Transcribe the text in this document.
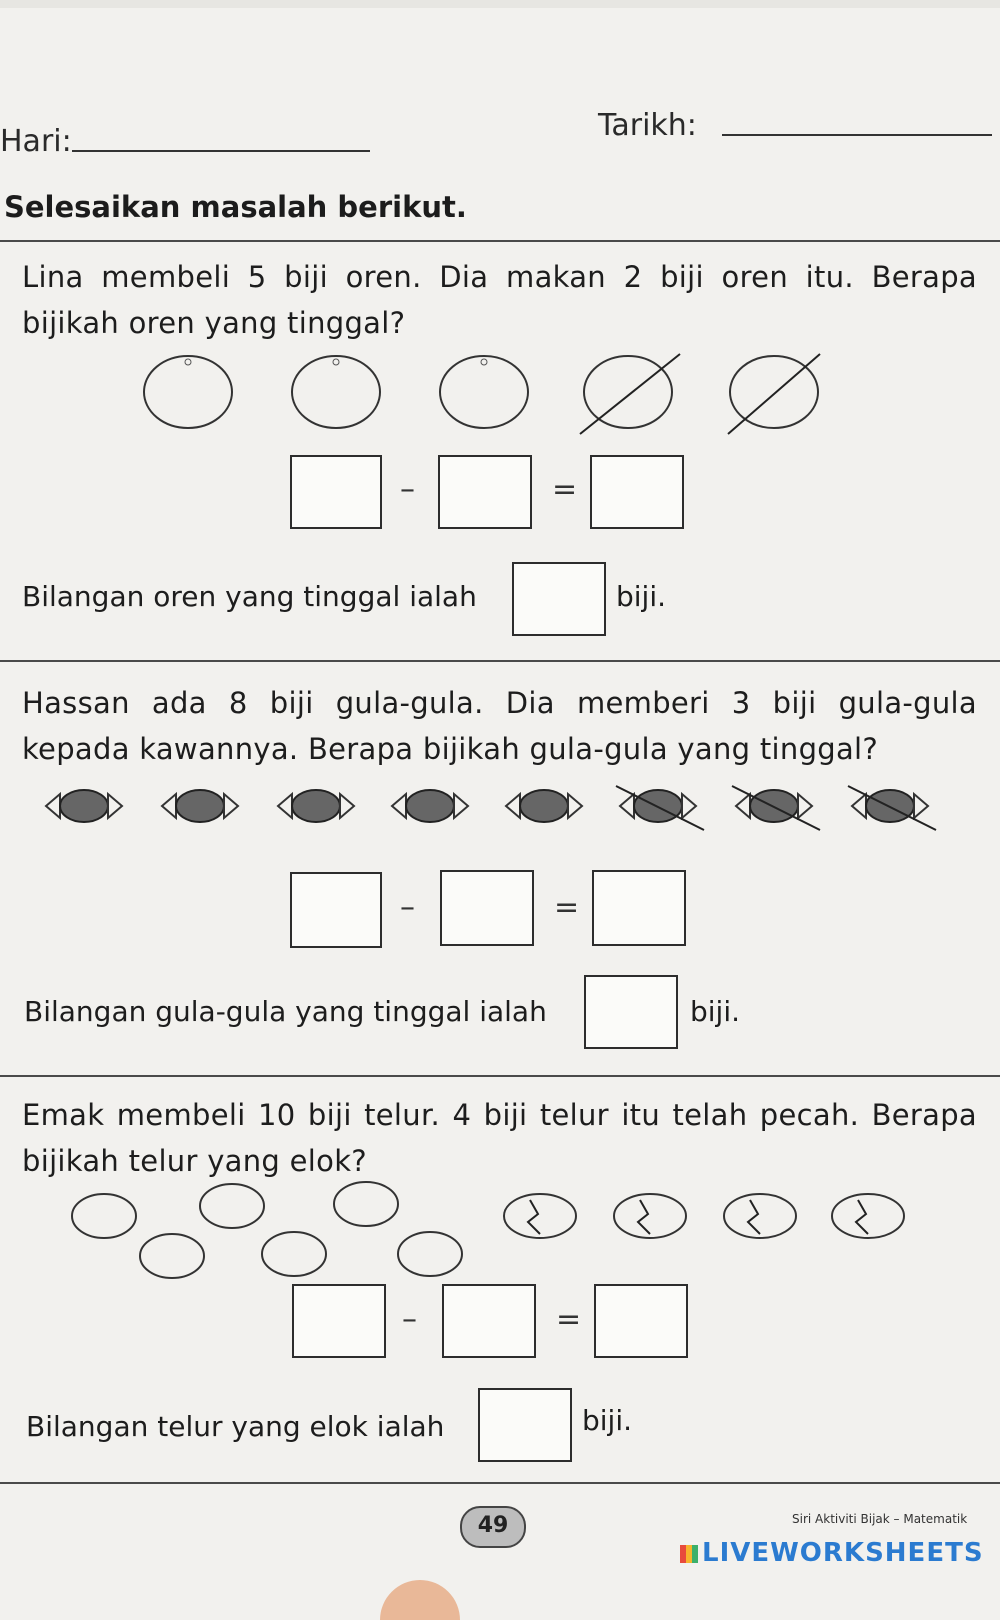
Hari:	Tarikh:
Selesaikan masalah berikut.
Lina membeli 5 biji oren. Dia makan 2 biji oren itu. Berapa bijikah oren yang tinggal?
–	=
Bilangan oren yang tinggal ialah	biji.
Hassan ada 8 biji gula-gula. Dia memberi 3 biji gula-gula kepada kawannya. Berapa bijikah gula-gula yang tinggal?
–	=
Bilangan gula-gula yang tinggal ialah	biji.
Emak membeli 10 biji telur. 4 biji telur itu telah pecah. Berapa bijikah telur yang elok?
–	=
Bilangan telur yang elok ialah	biji.
49	Siri Aktiviti Bijak – Matematik
LIVEWORKSHEETS
